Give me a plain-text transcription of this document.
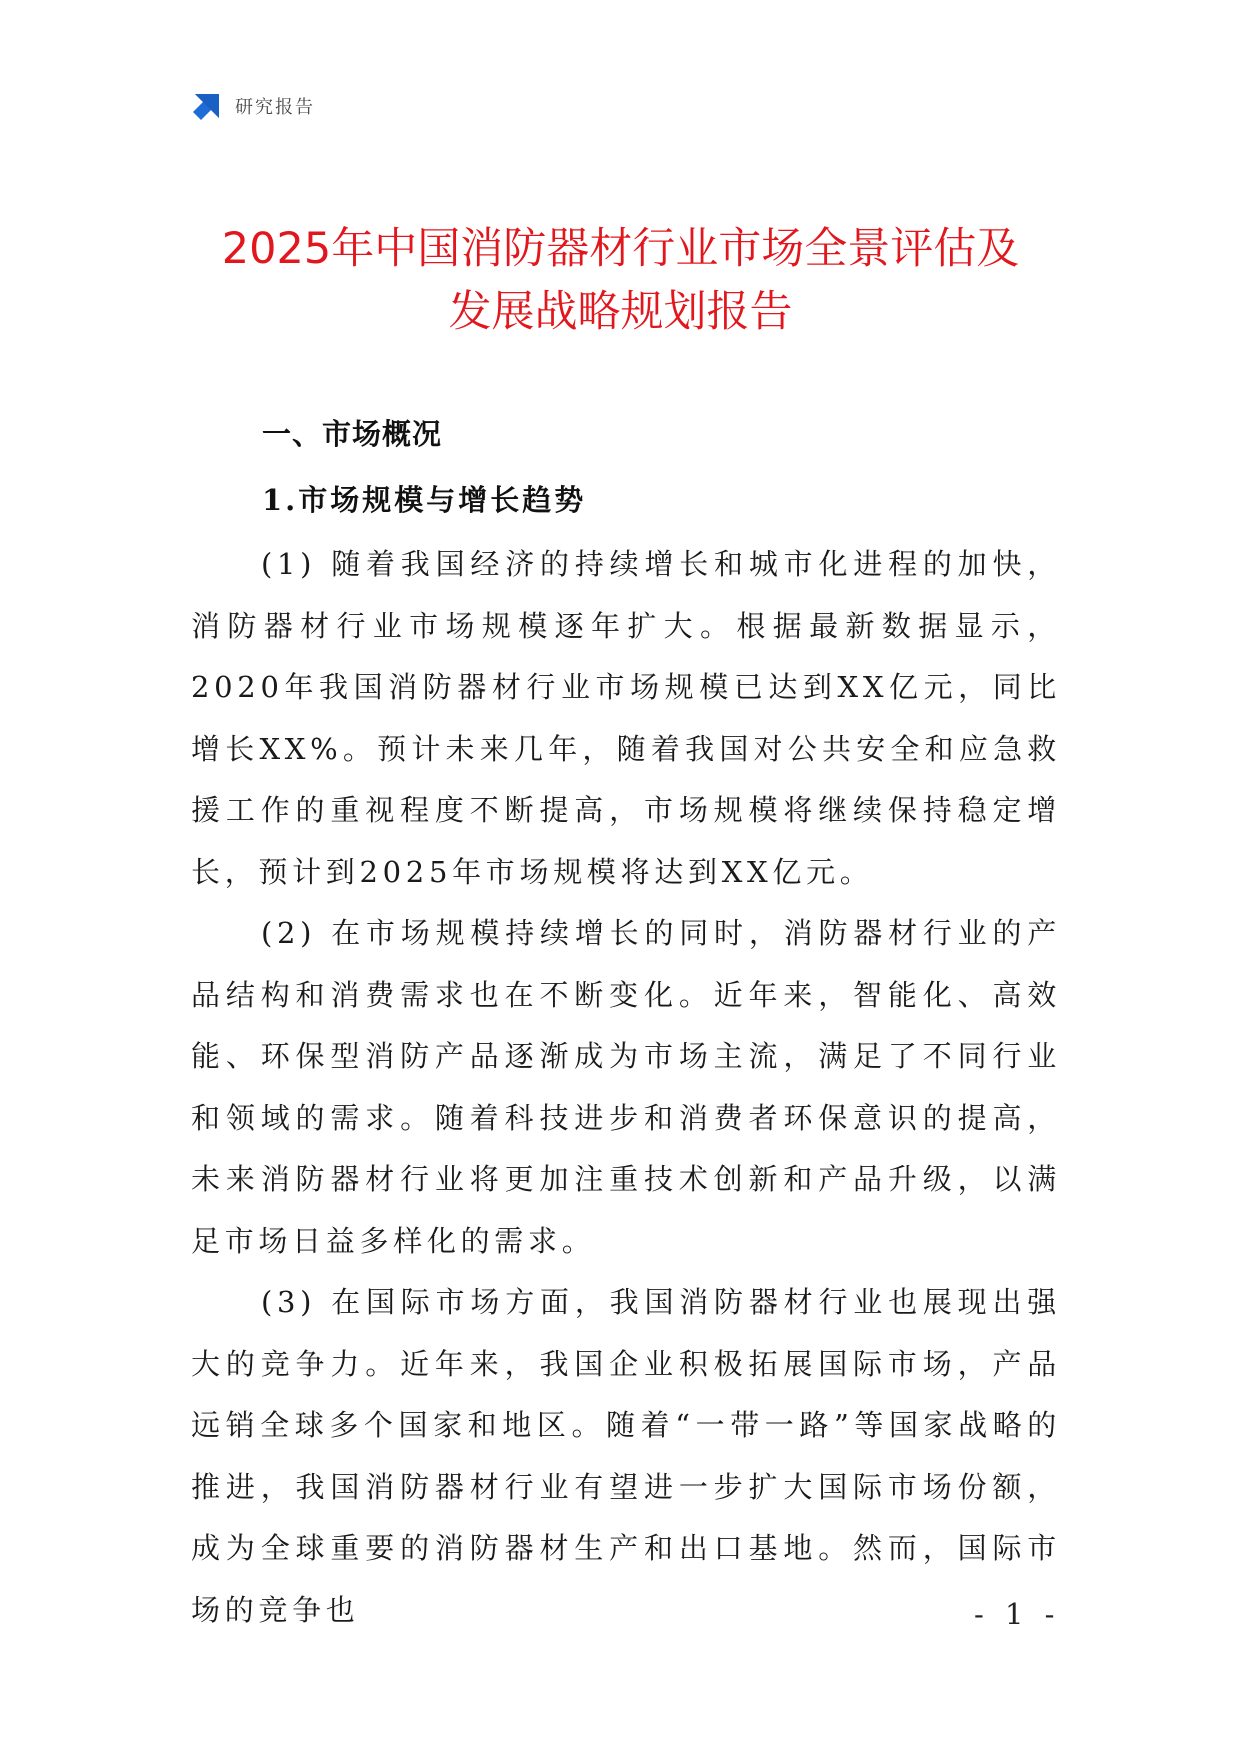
研究报告
2025年中国消防器材行业市场全景评估及
发展战略规划报告
一、市场概况
1.市场规模与增长趋势

(1) 随着我国经济的持续增长和城市化进程的加快，消防器材行业市场规模逐年扩大。根据最新数据显示，2020年我国消防器材行业市场规模已达到XX亿元，同比增长XX%。预计未来几年，随着我国对公共安全和应急救援工作的重视程度不断提高，市场规模将继续保持稳定增长，预计到2025年市场规模将达到XX亿元。

(2) 在市场规模持续增长的同时，消防器材行业的产品结构和消费需求也在不断变化。近年来，智能化、高效能、环保型消防产品逐渐成为市场主流，满足了不同行业和领域的需求。随着科技进步和消费者环保意识的提高，未来消防器材行业将更加注重技术创新和产品升级，以满足市场日益多样化的需求。

(3) 在国际市场方面，我国消防器材行业也展现出强大的竞争力。近年来，我国企业积极拓展国际市场，产品远销全球多个国家和地区。随着“一带一路”等国家战略的推进，我国消防器材行业有望进一步扩大国际市场份额，成为全球重要的消防器材生产和出口基地。然而，国际市场的竞争也	- 1 -
